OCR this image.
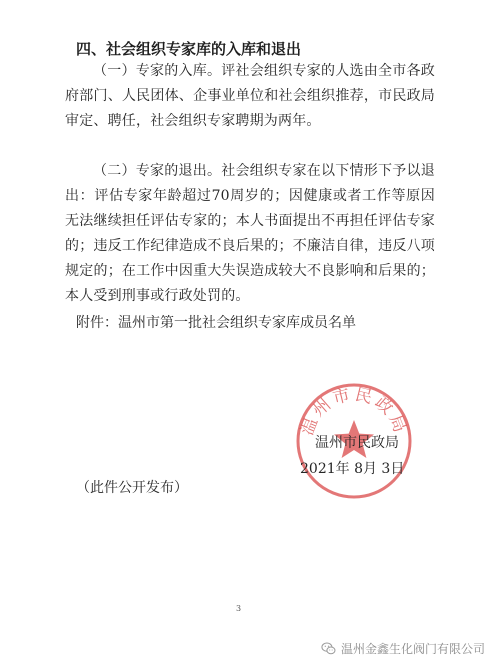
四、社会组织专家库的入库和退出

（一）专家的入库。评社会组织专家的人选由全市各政府部门、人民团体、企事业单位和社会组织推荐，市民政局审定、聘任，社会组织专家聘期为两年。

（二）专家的退出。社会组织专家在以下情形下予以退出：评估专家年龄超过70周岁的；因健康或者工作等原因无法继续担任评估专家的；本人书面提出不再担任评估专家的；违反工作纪律造成不良后果的；不廉洁自律，违反八项规定的；在工作中因重大失误造成较大不良影响和后果的；本人受到刑事或行政处罚的。

附件：温州市第一批社会组织专家库成员名单
温州市民政局
温州市民政局
2021年 8月 3日
（此件公开发布）
3
温州金鑫生化阀门有限公司
